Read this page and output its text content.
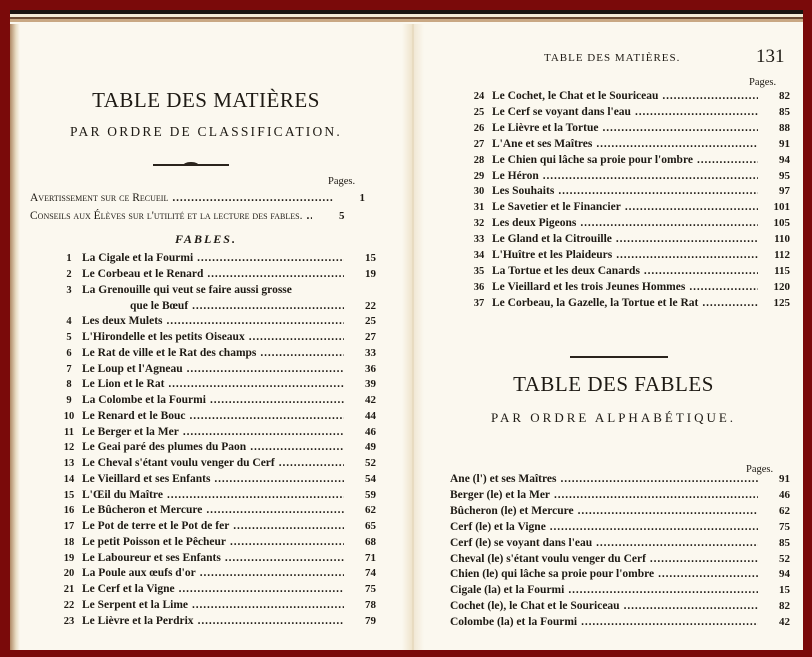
TABLE DES MATIÈRES
PAR ORDRE DE CLASSIFICATION.
Pages.
Avertissement sur ce Recueil . . .	1
Conseils aux Élèves sur l'utilité et la lecture des fables. . . .	5
FABLES.
1 La Cigale et la Fourmi . . .	15
2 Le Corbeau et le Renard . . .	19
3 La Grenouille qui veut se faire aussi grosse
que le Bœuf . . .	22
4 Les deux Mulets . . .	25
5 L'Hirondelle et les petits Oiseaux . . .	27
6 Le Rat de ville et le Rat des champs . . .	33
7 Le Loup et l'Agneau . . .	36
8 Le Lion et le Rat . . .	39
9 La Colombe et la Fourmi . . .	42
10 Le Renard et le Bouc . . .	44
11 Le Berger et la Mer . . .	46
12 Le Geai paré des plumes du Paon . . .	49
13 Le Cheval s'étant voulu venger du Cerf . . .	52
14 Le Vieillard et ses Enfants . . .	54
15 L'Œil du Maître . . .	59
16 Le Bûcheron et Mercure . . .	62
17 Le Pot de terre et le Pot de fer . . .	65
18 Le petit Poisson et le Pêcheur . . .	68
19 Le Laboureur et ses Enfants . . .	71
20 La Poule aux œufs d'or . . .	74
21 Le Cerf et la Vigne . . .	75
22 Le Serpent et la Lime . . .	78
23 Le Lièvre et la Perdrix . . .	79
TABLE DES MATIÈRES.	131
Pages.
24 Le Cochet, le Chat et le Souriceau . . .	82
25 Le Cerf se voyant dans l'eau . . .	85
26 Le Lièvre et la Tortue . . .	88
27 L'Ane et ses Maîtres . . .	91
28 Le Chien qui lâche sa proie pour l'ombre . . .	94
29 Le Héron . . .	95
30 Les Souhaits . . .	97
31 Le Savetier et le Financier . . .	101
32 Les deux Pigeons . . .	105
33 Le Gland et la Citrouille . . .	110
34 L'Huître et les Plaideurs . . .	112
35 La Tortue et les deux Canards . . .	115
36 Le Vieillard et les trois Jeunes Hommes . . .	120
37 Le Corbeau, la Gazelle, la Tortue et le Rat . . .	125
TABLE DES FABLES
PAR ORDRE ALPHABÉTIQUE.
Pages.
Ane (l') et ses Maîtres . . .	91
Berger (le) et la Mer . . .	46
Bûcheron (le) et Mercure . . .	62
Cerf (le) et la Vigne . . .	75
Cerf (le) se voyant dans l'eau . . .	85
Cheval (le) s'étant voulu venger du Cerf . . .	52
Chien (le) qui lâche sa proie pour l'ombre . . .	94
Cigale (la) et la Fourmi . . .	15
Cochet (le), le Chat et le Souriceau . . .	82
Colombe (la) et la Fourmi . . .	42
